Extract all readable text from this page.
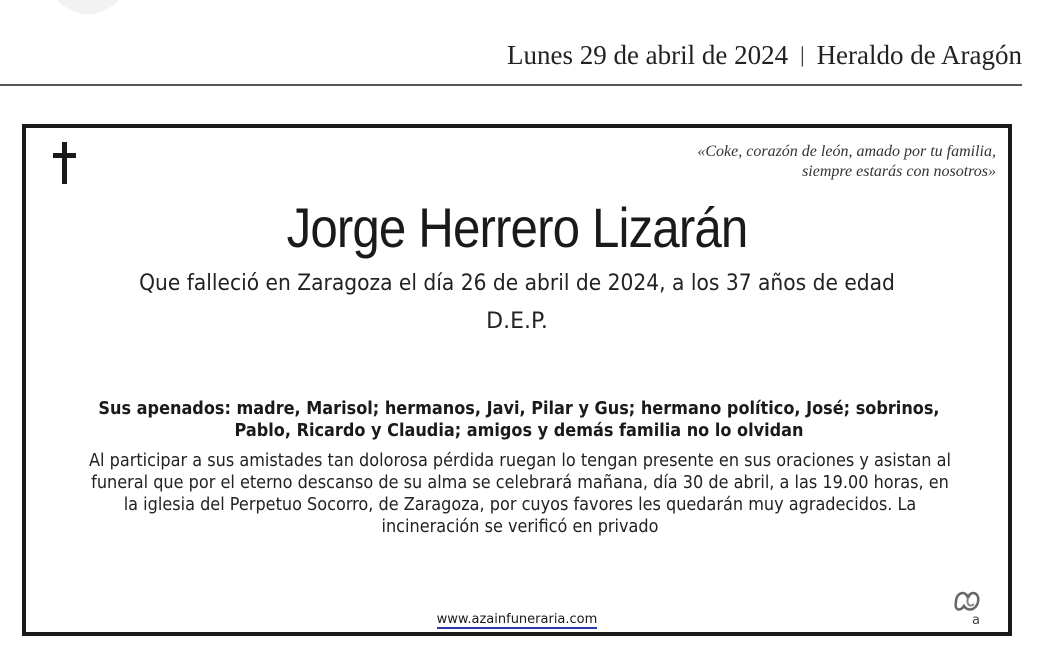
Lunes 29 de abril de 2024 | Heraldo de Aragón
«Coke, corazón de león, amado por tu familia,
siempre estarás con nosotros»
Jorge Herrero Lizarán
Que falleció en Zaragoza el día 26 de abril de 2024, a los 37 años de edad
D.E.P.
Sus apenados: madre, Marisol; hermanos, Javi, Pilar y Gus; hermano político, José; sobrinos, Pablo, Ricardo y Claudia; amigos y demás familia no lo olvidan
Al participar a sus amistades tan dolorosa pérdida ruegan lo tengan presente en sus oraciones y asistan al funeral que por el eterno descanso de su alma se celebrará mañana, día 30 de abril, a las 19.00 horas, en la iglesia del Perpetuo Socorro, de Zaragoza, por cuyos favores les quedarán muy agradecidos. La incineración se verificó en privado
www.azainfuneraria.com	a
